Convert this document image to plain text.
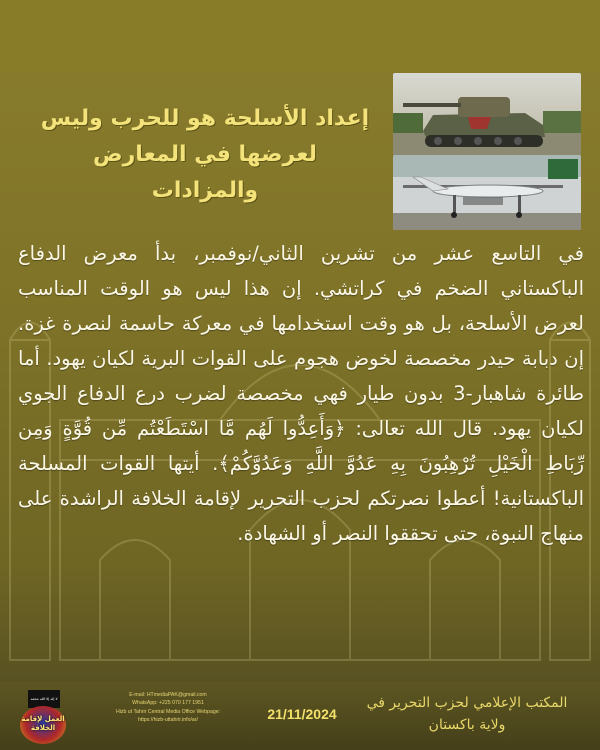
إعداد الأسلحة هو للحرب وليس لعرضها في المعارض والمزادات
في التاسع عشر من تشرين الثاني/نوفمبر، بدأ معرض الدفاع الباكستاني الضخم في كراتشي. إن هذا ليس هو الوقت المناسب لعرض الأسلحة، بل هو وقت استخدامها في معركة حاسمة لنصرة غزة. إن دبابة حيدر مخصصة لخوض هجوم على القوات البرية لكيان يهود. أما طائرة شاهبار-3 بدون طيار فهي مخصصة لضرب درع الدفاع الجوي لكيان يهود. قال الله تعالى: ﴿وَأَعِدُّوا لَهُم مَّا اسْتَطَعْتُم مِّن قُوَّةٍ وَمِن رِّبَاطِ الْخَيْلِ تُرْهِبُونَ بِهِ عَدُوَّ اللَّهِ وَعَدُوَّكُمْ﴾. أيتها القوات المسلحة الباكستانية! أعطوا نصرتكم لحزب التحرير لإقامة الخلافة الراشدة على منهاج النبوة، حتى تحققوا النصر أو الشهادة.
المكتب الإعلامي لحزب التحرير في ولاية باكستان
21/11/2024
E-mail: HTmediaPAK@gmail.com
WhatsApp: +225 070 177 1951
Hizb ut Tahrir Central Media Office Webpage:
https://hizb-uttahrir.info/ar/
لا إله إلا الله محمد
العمل لإقامة الخلافة
